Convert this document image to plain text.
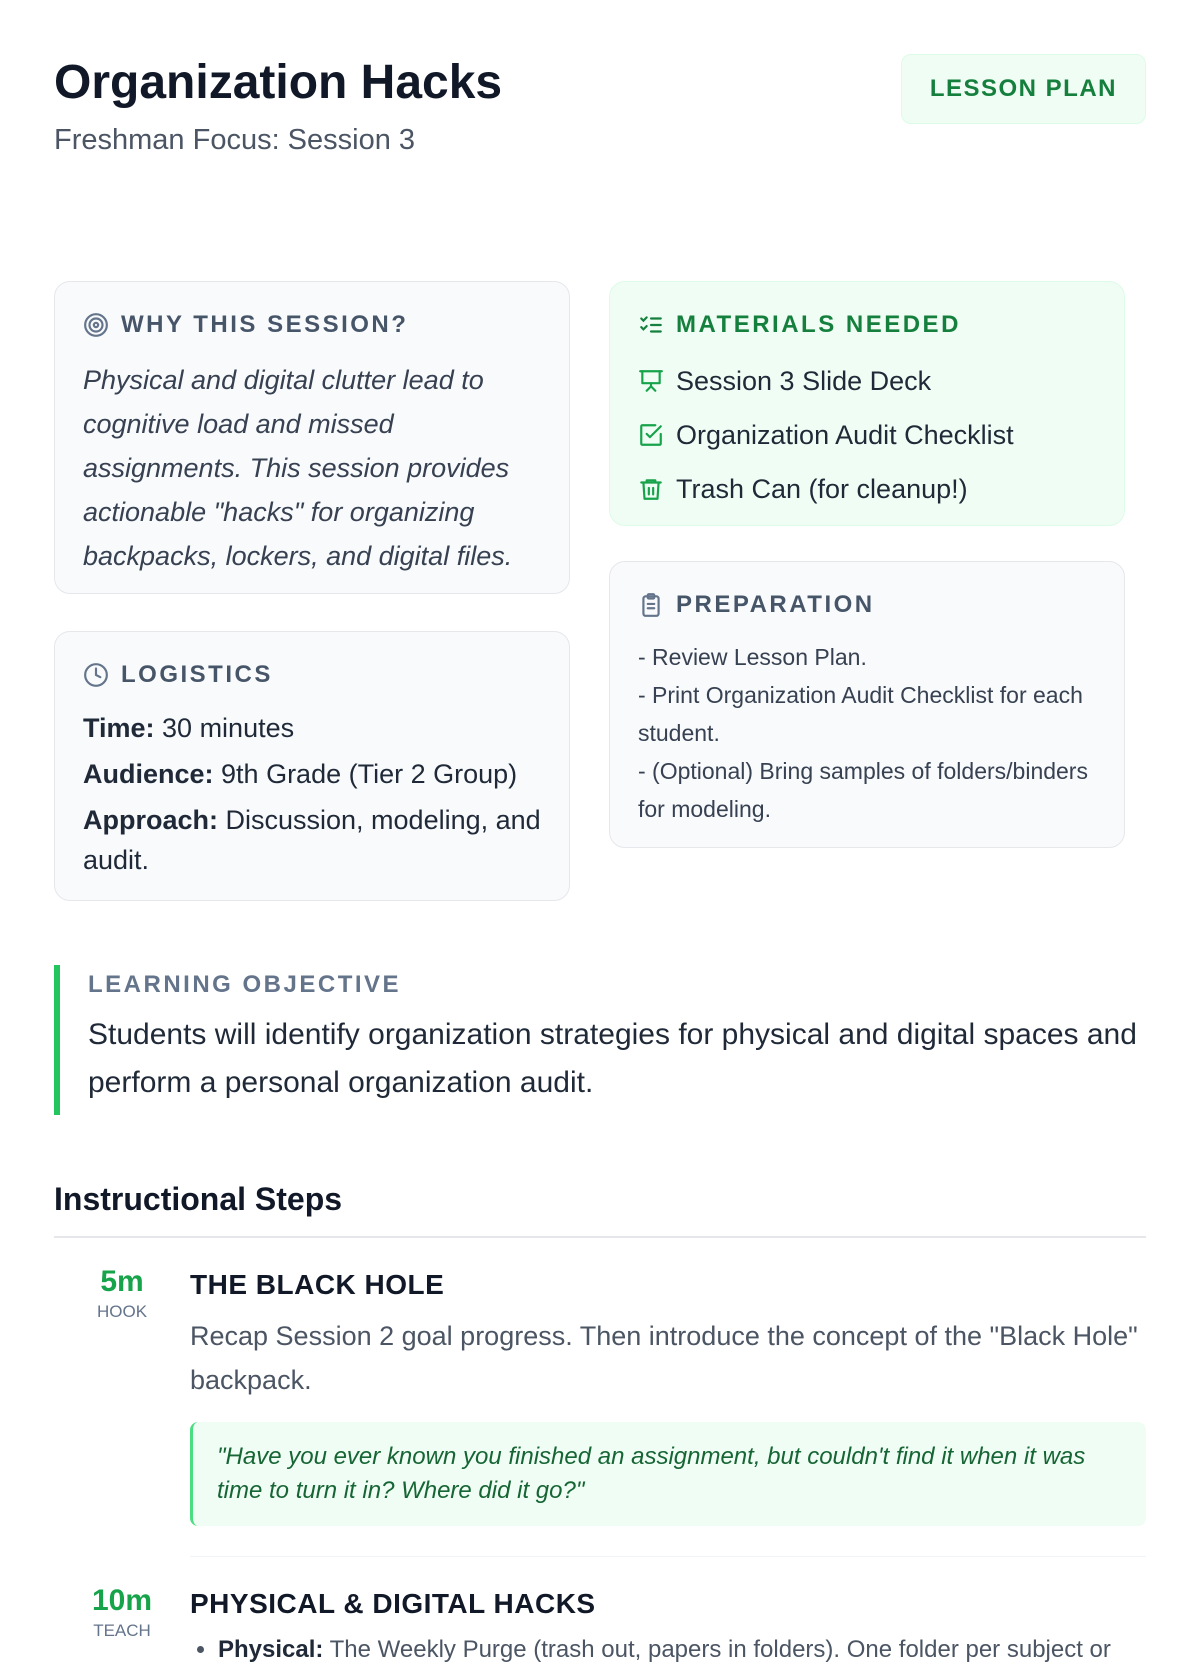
Organization Hacks
Freshman Focus: Session 3
LESSON PLAN
WHY THIS SESSION?
Physical and digital clutter lead to cognitive load and missed assignments. This session provides actionable "hacks" for organizing backpacks, lockers, and digital files.
MATERIALS NEEDED
Session 3 Slide Deck
Organization Audit Checklist
Trash Can (for cleanup!)
LOGISTICS
Time: 30 minutes
Audience: 9th Grade (Tier 2 Group)
Approach: Discussion, modeling, and audit.
PREPARATION
- Review Lesson Plan.
- Print Organization Audit Checklist for each student.
- (Optional) Bring samples of folders/binders for modeling.
LEARNING OBJECTIVE
Students will identify organization strategies for physical and digital spaces and perform a personal organization audit.
Instructional Steps
5m
HOOK
THE BLACK HOLE
Recap Session 2 goal progress. Then introduce the concept of the "Black Hole" backpack.
"Have you ever known you finished an assignment, but couldn't find it when it was time to turn it in? Where did it go?"
10m
TEACH
PHYSICAL & DIGITAL HACKS
• Physical: The Weekly Purge (trash out, papers in folders). One folder per subject or
